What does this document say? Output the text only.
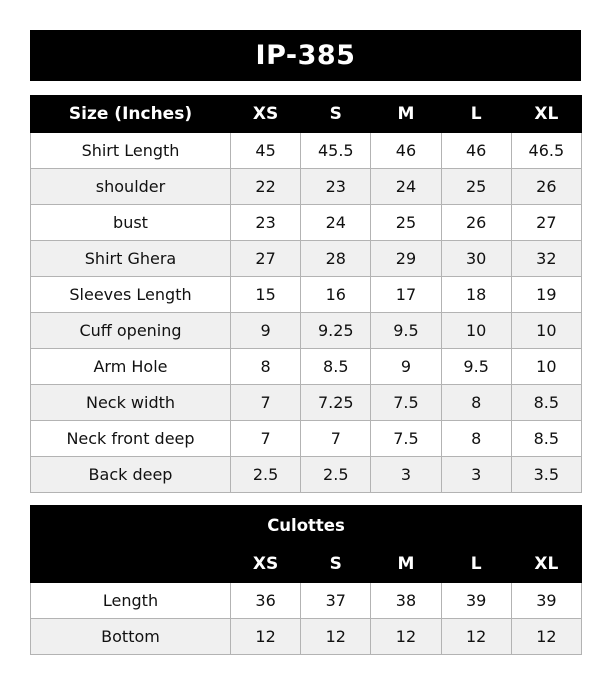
IP-385
Size (Inches)	XS	S	M	L	XL
Shirt Length	45	45.5	46	46	46.5
shoulder	22	23	24	25	26
bust	23	24	25	26	27
Shirt Ghera	27	28	29	30	32
Sleeves Length	15	16	17	18	19
Cuff opening	9	9.25	9.5	10	10
Arm Hole	8	8.5	9	9.5	10
Neck width	7	7.25	7.5	8	8.5
Neck front deep	7	7	7.5	8	8.5
Back deep	2.5	2.5	3	3	3.5
Culottes					
	XS	S	M	L	XL
Length	36	37	38	39	39
Bottom	12	12	12	12	12
